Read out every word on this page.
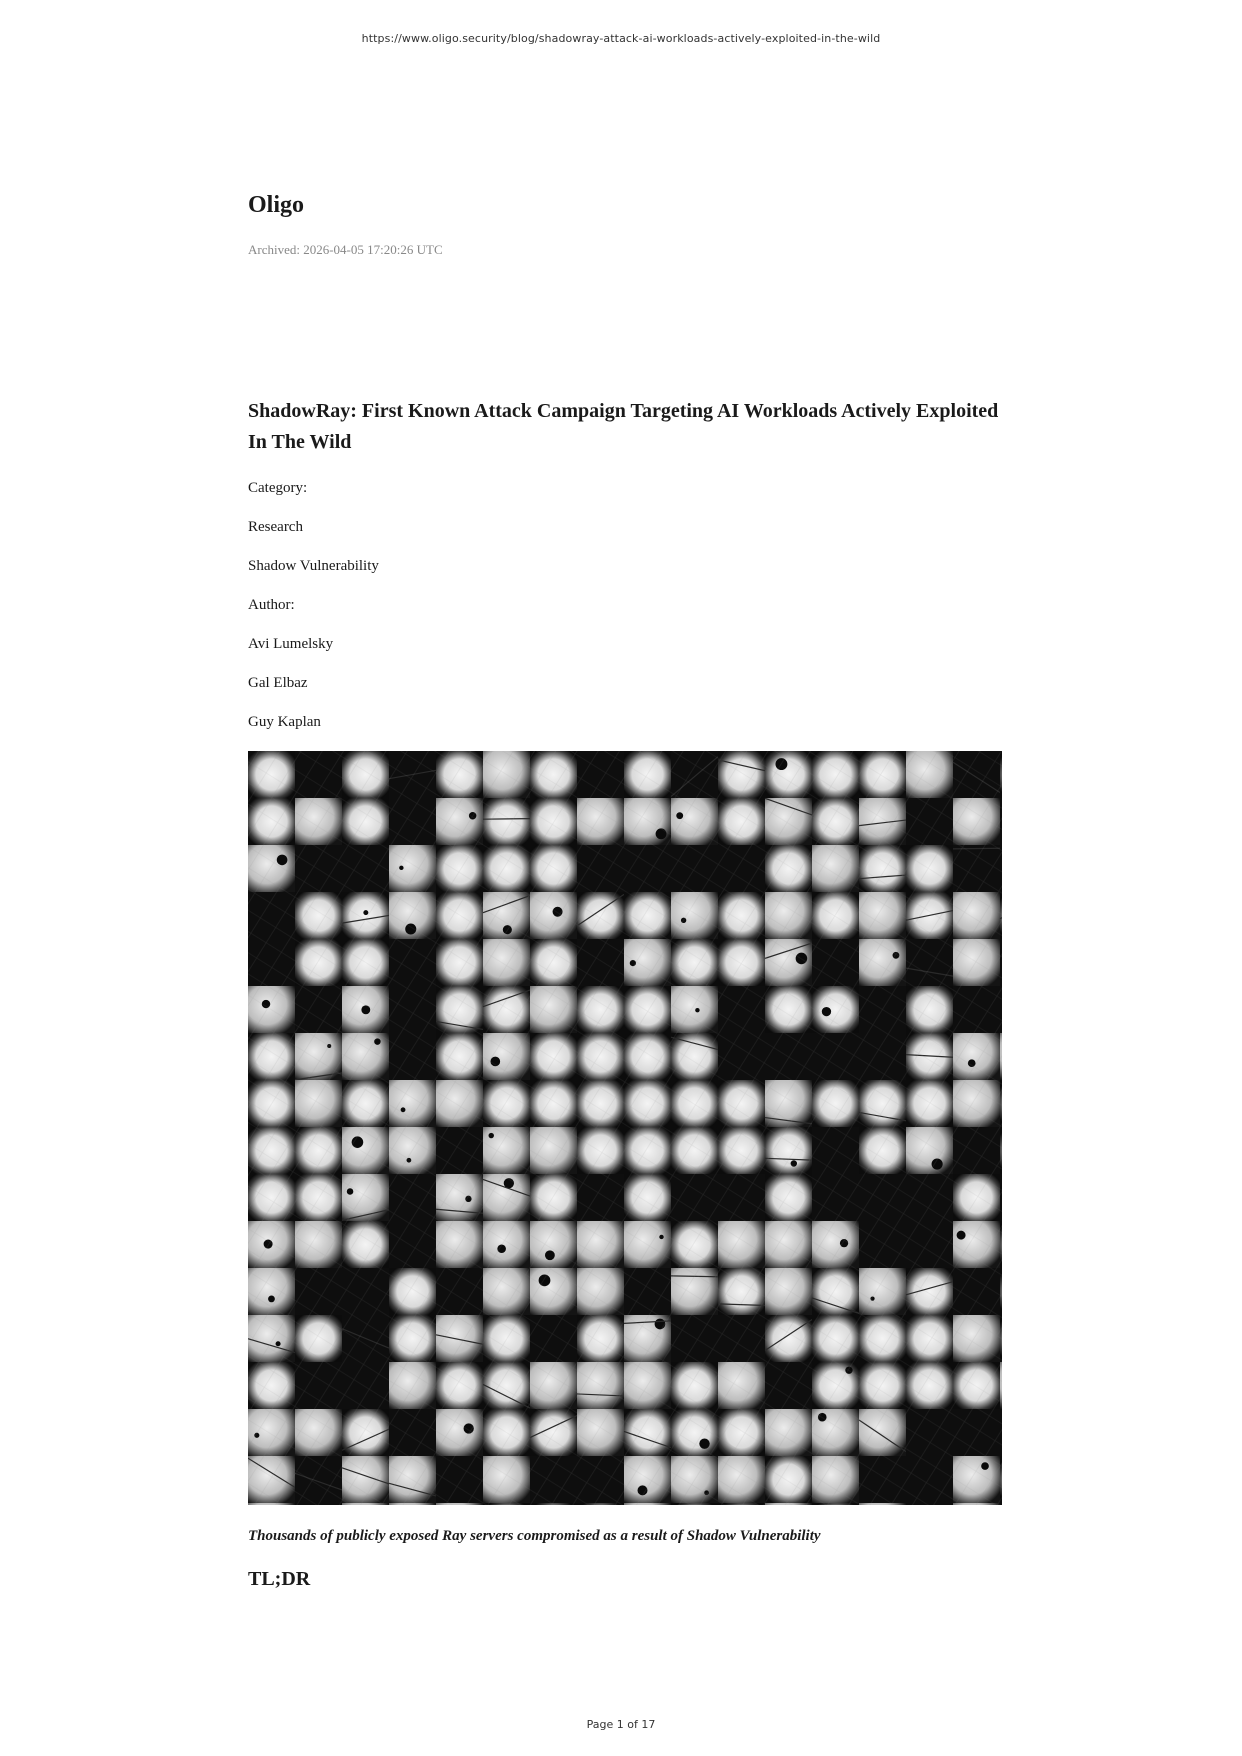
https://www.oligo.security/blog/shadowray-attack-ai-workloads-actively-exploited-in-the-wild
Oligo
Archived: 2026-04-05 17:20:26 UTC
ShadowRay: First Known Attack Campaign Targeting AI Workloads Actively Exploited In The Wild
Category:
Research
Shadow Vulnerability
Author:
Avi Lumelsky
Gal Elbaz
Guy Kaplan
Thousands of publicly exposed Ray servers compromised as a result of Shadow Vulnerability
TL;DR
Page 1 of 17
